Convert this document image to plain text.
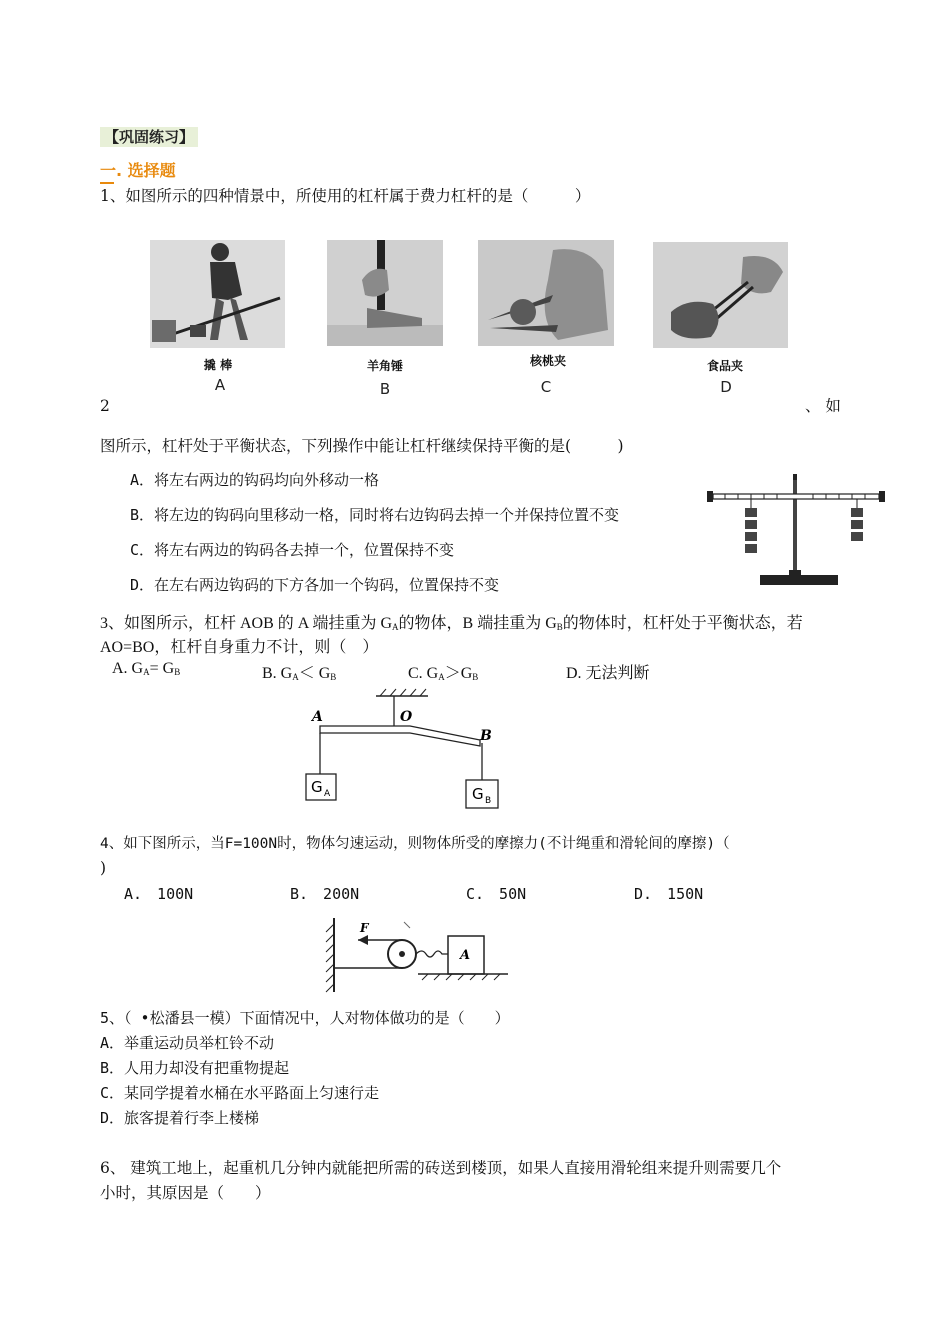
【巩固练习】
一. 选择题
1、如图所示的四种情景中，所使用的杠杆属于费力杠杆的是（　　　）
撬 棒
A
羊角锤
B
核桃夹
C
食品夹
D
2	、 如
图所示，杠杆处于平衡状态，下列操作中能让杠杆继续保持平衡的是(　　　)
A．将左右两边的钩码均向外移动一格
B．将左边的钩码向里移动一格，同时将右边钩码去掉一个并保持位置不变
C．将左右两边的钩码各去掉一个，位置保持不变
D．在左右两边钩码的下方各加一个钩码，位置保持不变
3、如图所示，杠杆 AOB 的 A 端挂重为 $G_A$的物体，B 端挂重为 $G_B$的物体时，杠杆处于平衡状态，若
AO=BO，杠杆自身重力不计，则（　）
A. $G_A= G_B$	B. $G_A< G_B$	C. $G_A>G_B$	D. 无法判断
A	O
B
G A	G B
4、如下图所示，当F=100N时，物体匀速运动，则物体所受的摩擦力(不计绳重和滑轮间的摩擦)（
)
A.　100N	B.　200N	C.　50N	D.　150N
F
A
5、（ •松潘县一模）下面情况中，人对物体做功的是（　　）
A．举重运动员举杠铃不动
B．人用力却没有把重物提起
C．某同学提着水桶在水平路面上匀速行走
D．旅客提着行李上楼梯
6、 建筑工地上，起重机几分钟内就能把所需的砖送到楼顶，如果人直接用滑轮组来提升则需要几个
小时，其原因是（　　）
